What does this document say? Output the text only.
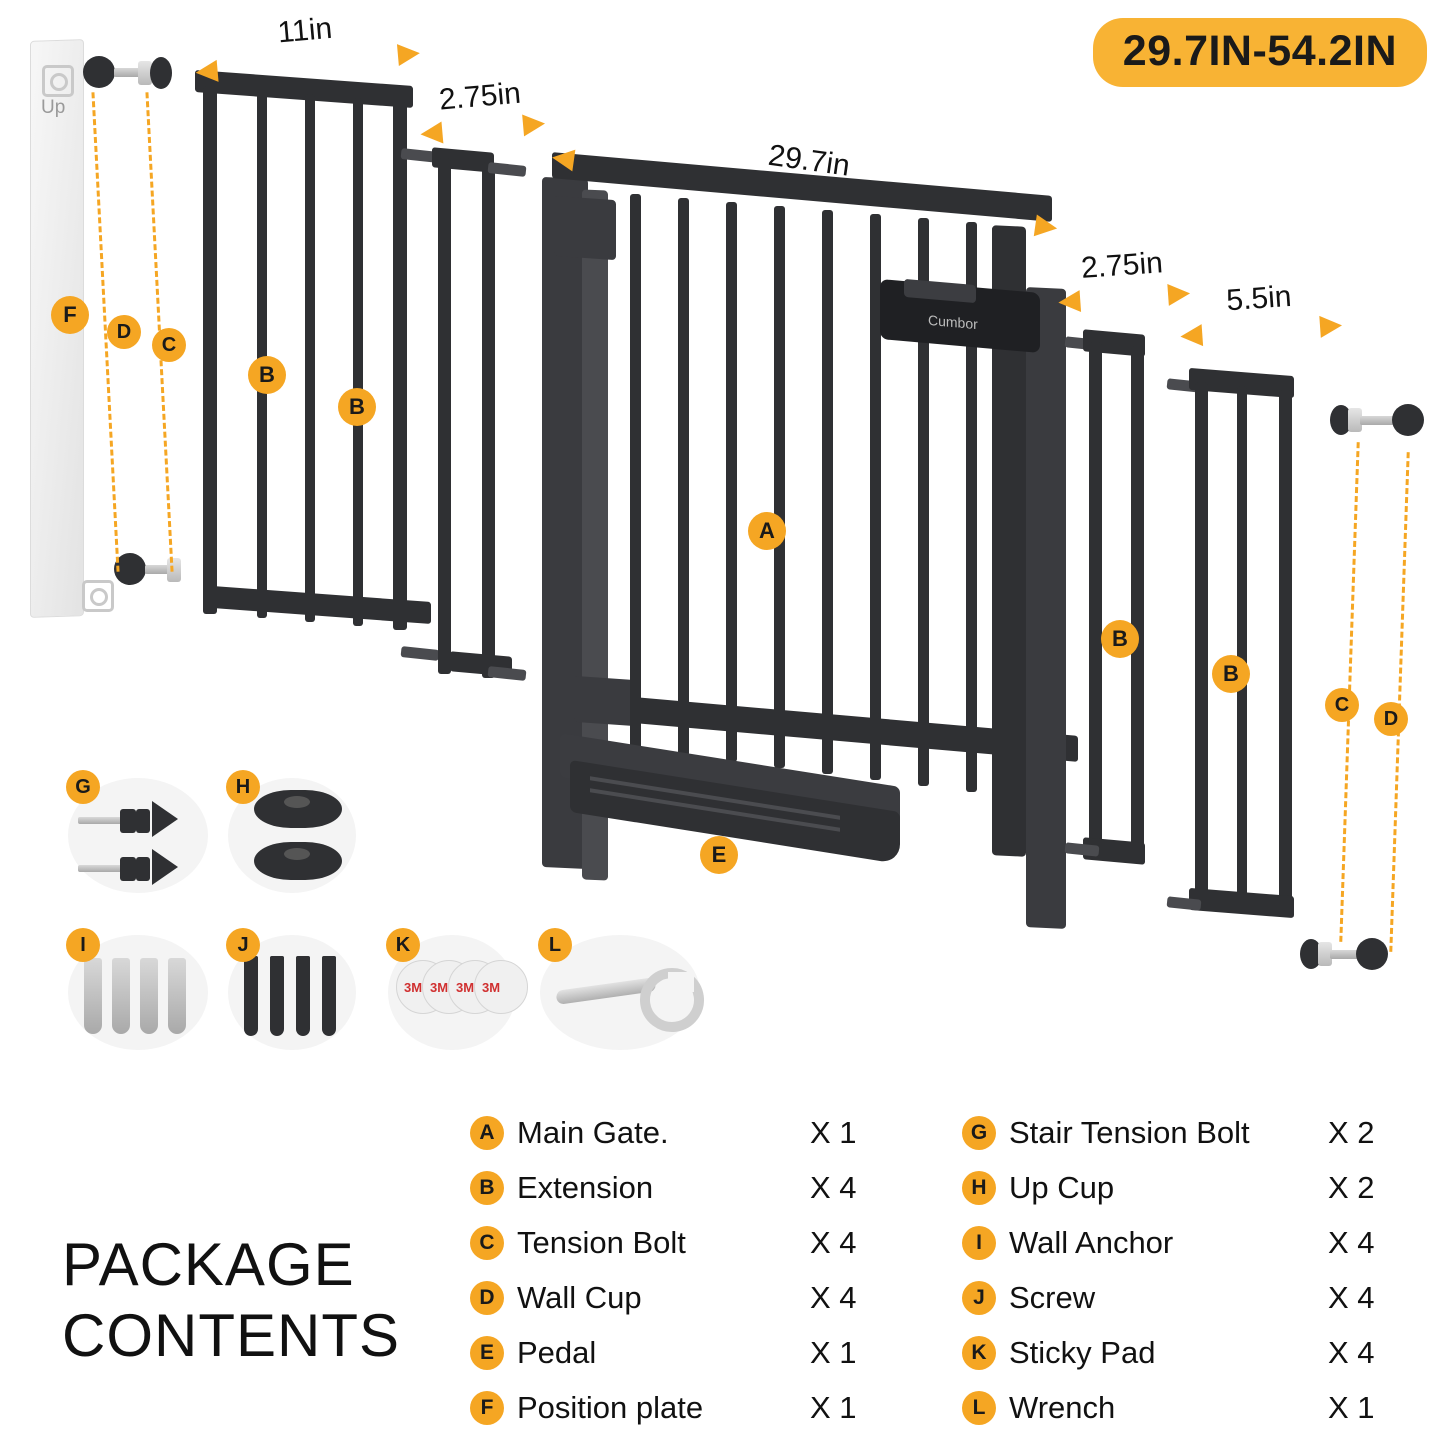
29.7IN-54.2IN
Up
F
D
C
B
B
Cumbor
A
E
B
B
C
D
11in
2.75in
29.7in
2.75in
5.5in
G	H
I	J
3M 3M 3M 3M
K	L
PACKAGE
CONTENTS
A Main Gate.	X 1
B Extension	X 4
C Tension Bolt	X 4
D Wall Cup	X 4
E Pedal	X 1
F Position plate	X 1
G Stair Tension Bolt	X 2
H Up Cup	X 2
I Wall Anchor	X 4
J Screw	X 4
K Sticky Pad	X 4
L Wrench	X 1
